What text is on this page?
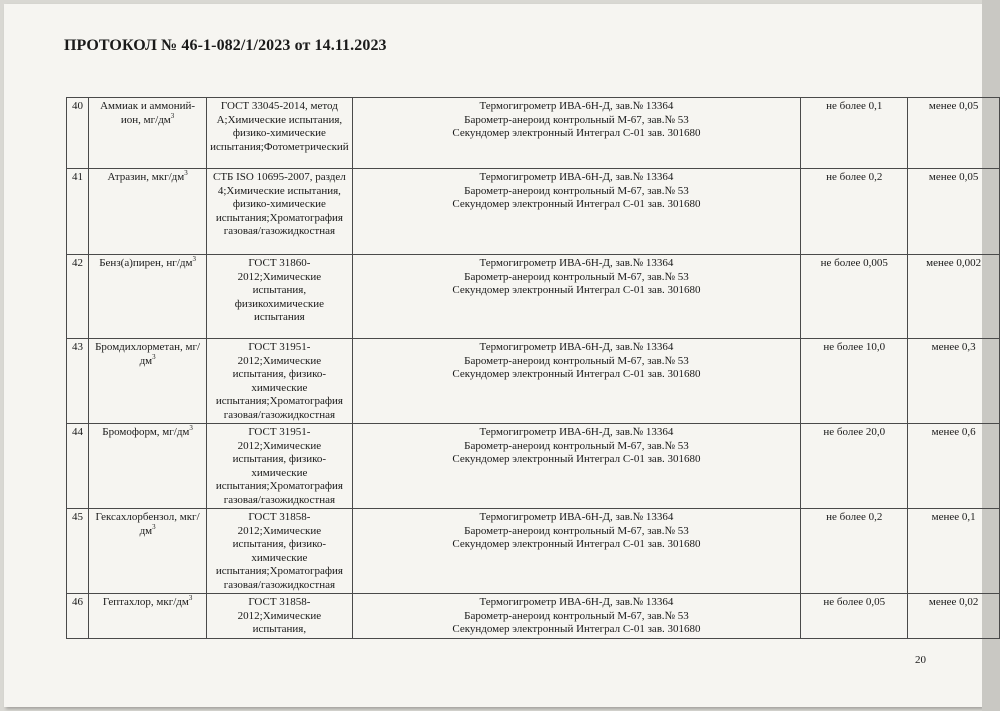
ПРОТОКОЛ № 46-1-082/1/2023 от 14.11.2023
40	Аммиак и аммоний-ион, $мг/дм^3$	ГОСТ 33045-2014, метод А;Химические испытания, физико-химические испытания;Фотометрический	Термогигрометр ИВА-6Н-Д, зав.№ 13364
Барометр-анероид контрольный М-67, зав.№ 53
Секундомер электронный Интеграл С-01 зав. 301680	не более 0,1	менее 0,05
41	Атразин, мкг/$дм^3$	СТБ ISO 10695-2007, раздел 4;Химические испытания, физико-химические испытания;Хроматография газовая/газожидкостная	Термогигрометр ИВА-6Н-Д, зав.№ 13364
Барометр-анероид контрольный М-67, зав.№ 53
Секундомер электронный Интеграл С-01 зав. 301680	не более 0,2	менее 0,05
42	Бенз(а)пирен, $нг/дм^3$	ГОСТ 31860-2012;Химические испытания, физикохимические испытания	Термогигрометр ИВА-6Н-Д, зав.№ 13364
Барометр-анероид контрольный М-67, зав.№ 53
Секундомер электронный Интеграл С-01 зав. 301680	не более 0,005	менее 0,002
43	Бромдихлорметан, $мг/дм^3$	ГОСТ 31951-2012;Химические испытания, физико-химические испытания;Хроматография газовая/газожидкостная	Термогигрометр ИВА-6Н-Д, зав.№ 13364
Барометр-анероид контрольный М-67, зав.№ 53
Секундомер электронный Интеграл С-01 зав. 301680	не более 10,0	менее 0,3
44	Бромоформ, $мг/дм^3$	ГОСТ 31951-2012;Химические испытания, физико-химические испытания;Хроматография газовая/газожидкостная	Термогигрометр ИВА-6Н-Д, зав.№ 13364
Барометр-анероид контрольный М-67, зав.№ 53
Секундомер электронный Интеграл С-01 зав. 301680	не более 20,0	менее 0,6
45	Гексахлорбензол, мкг/$дм^3$	ГОСТ 31858-2012;Химические испытания, физико-химические испытания;Хроматография газовая/газожидкостная	Термогигрометр ИВА-6Н-Д, зав.№ 13364
Барометр-анероид контрольный М-67, зав.№ 53
Секундомер электронный Интеграл С-01 зав. 301680	не более 0,2	менее 0,1
46	Гептахлор, мкг/$дм^3$	ГОСТ 31858-2012;Химические испытания,	Термогигрометр ИВА-6Н-Д, зав.№ 13364
Барометр-анероид контрольный М-67, зав.№ 53
Секундомер электронный Интеграл С-01 зав. 301680	не более 0,05	менее 0,02
20
